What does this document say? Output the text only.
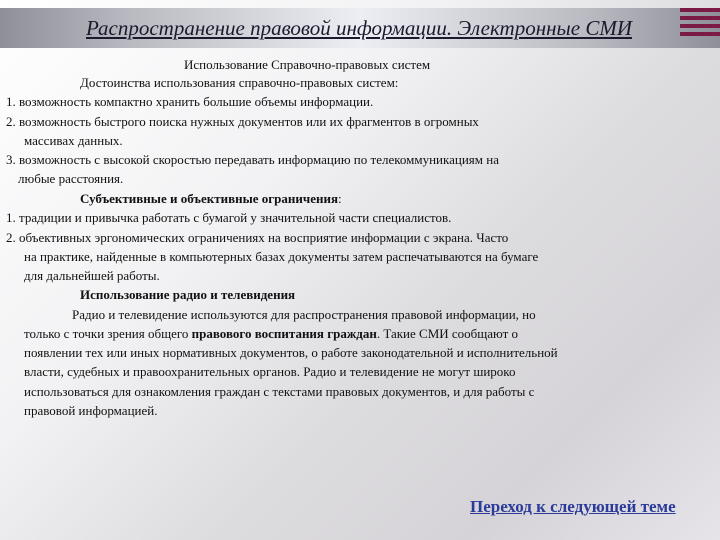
Распространение правовой информации. Электронные СМИ
Использование Справочно-правовых систем
Достоинства использования справочно-правовых систем:
1. возможность компактно хранить большие объемы информации.
2. возможность быстрого поиска нужных документов или их фрагментов в огромных
массивах данных.
3. возможность с высокой скоростью передавать информацию по телекоммуникациям на
любые расстояния.
Субъективные и объективные ограничения:
1. традиции и привычка работать с бумагой у значительной части специалистов.
2. объективных эргономических ограничениях на восприятие информации с экрана. Часто
на практике, найденные в компьютерных базах документы затем распечатываются на бумаге
для дальнейшей работы.
Использование радио и телевидения
Радио и телевидение используются для распространения правовой информации, но
только с точки зрения общего правового воспитания граждан. Такие СМИ сообщают о
появлении тех или иных нормативных документов, о работе законодательной и исполнительной
власти, судебных и правоохранительных органов. Радио и телевидение не могут широко
использоваться для ознакомления граждан с текстами правовых документов, и для работы с
правовой информацией.
Переход к следующей теме
